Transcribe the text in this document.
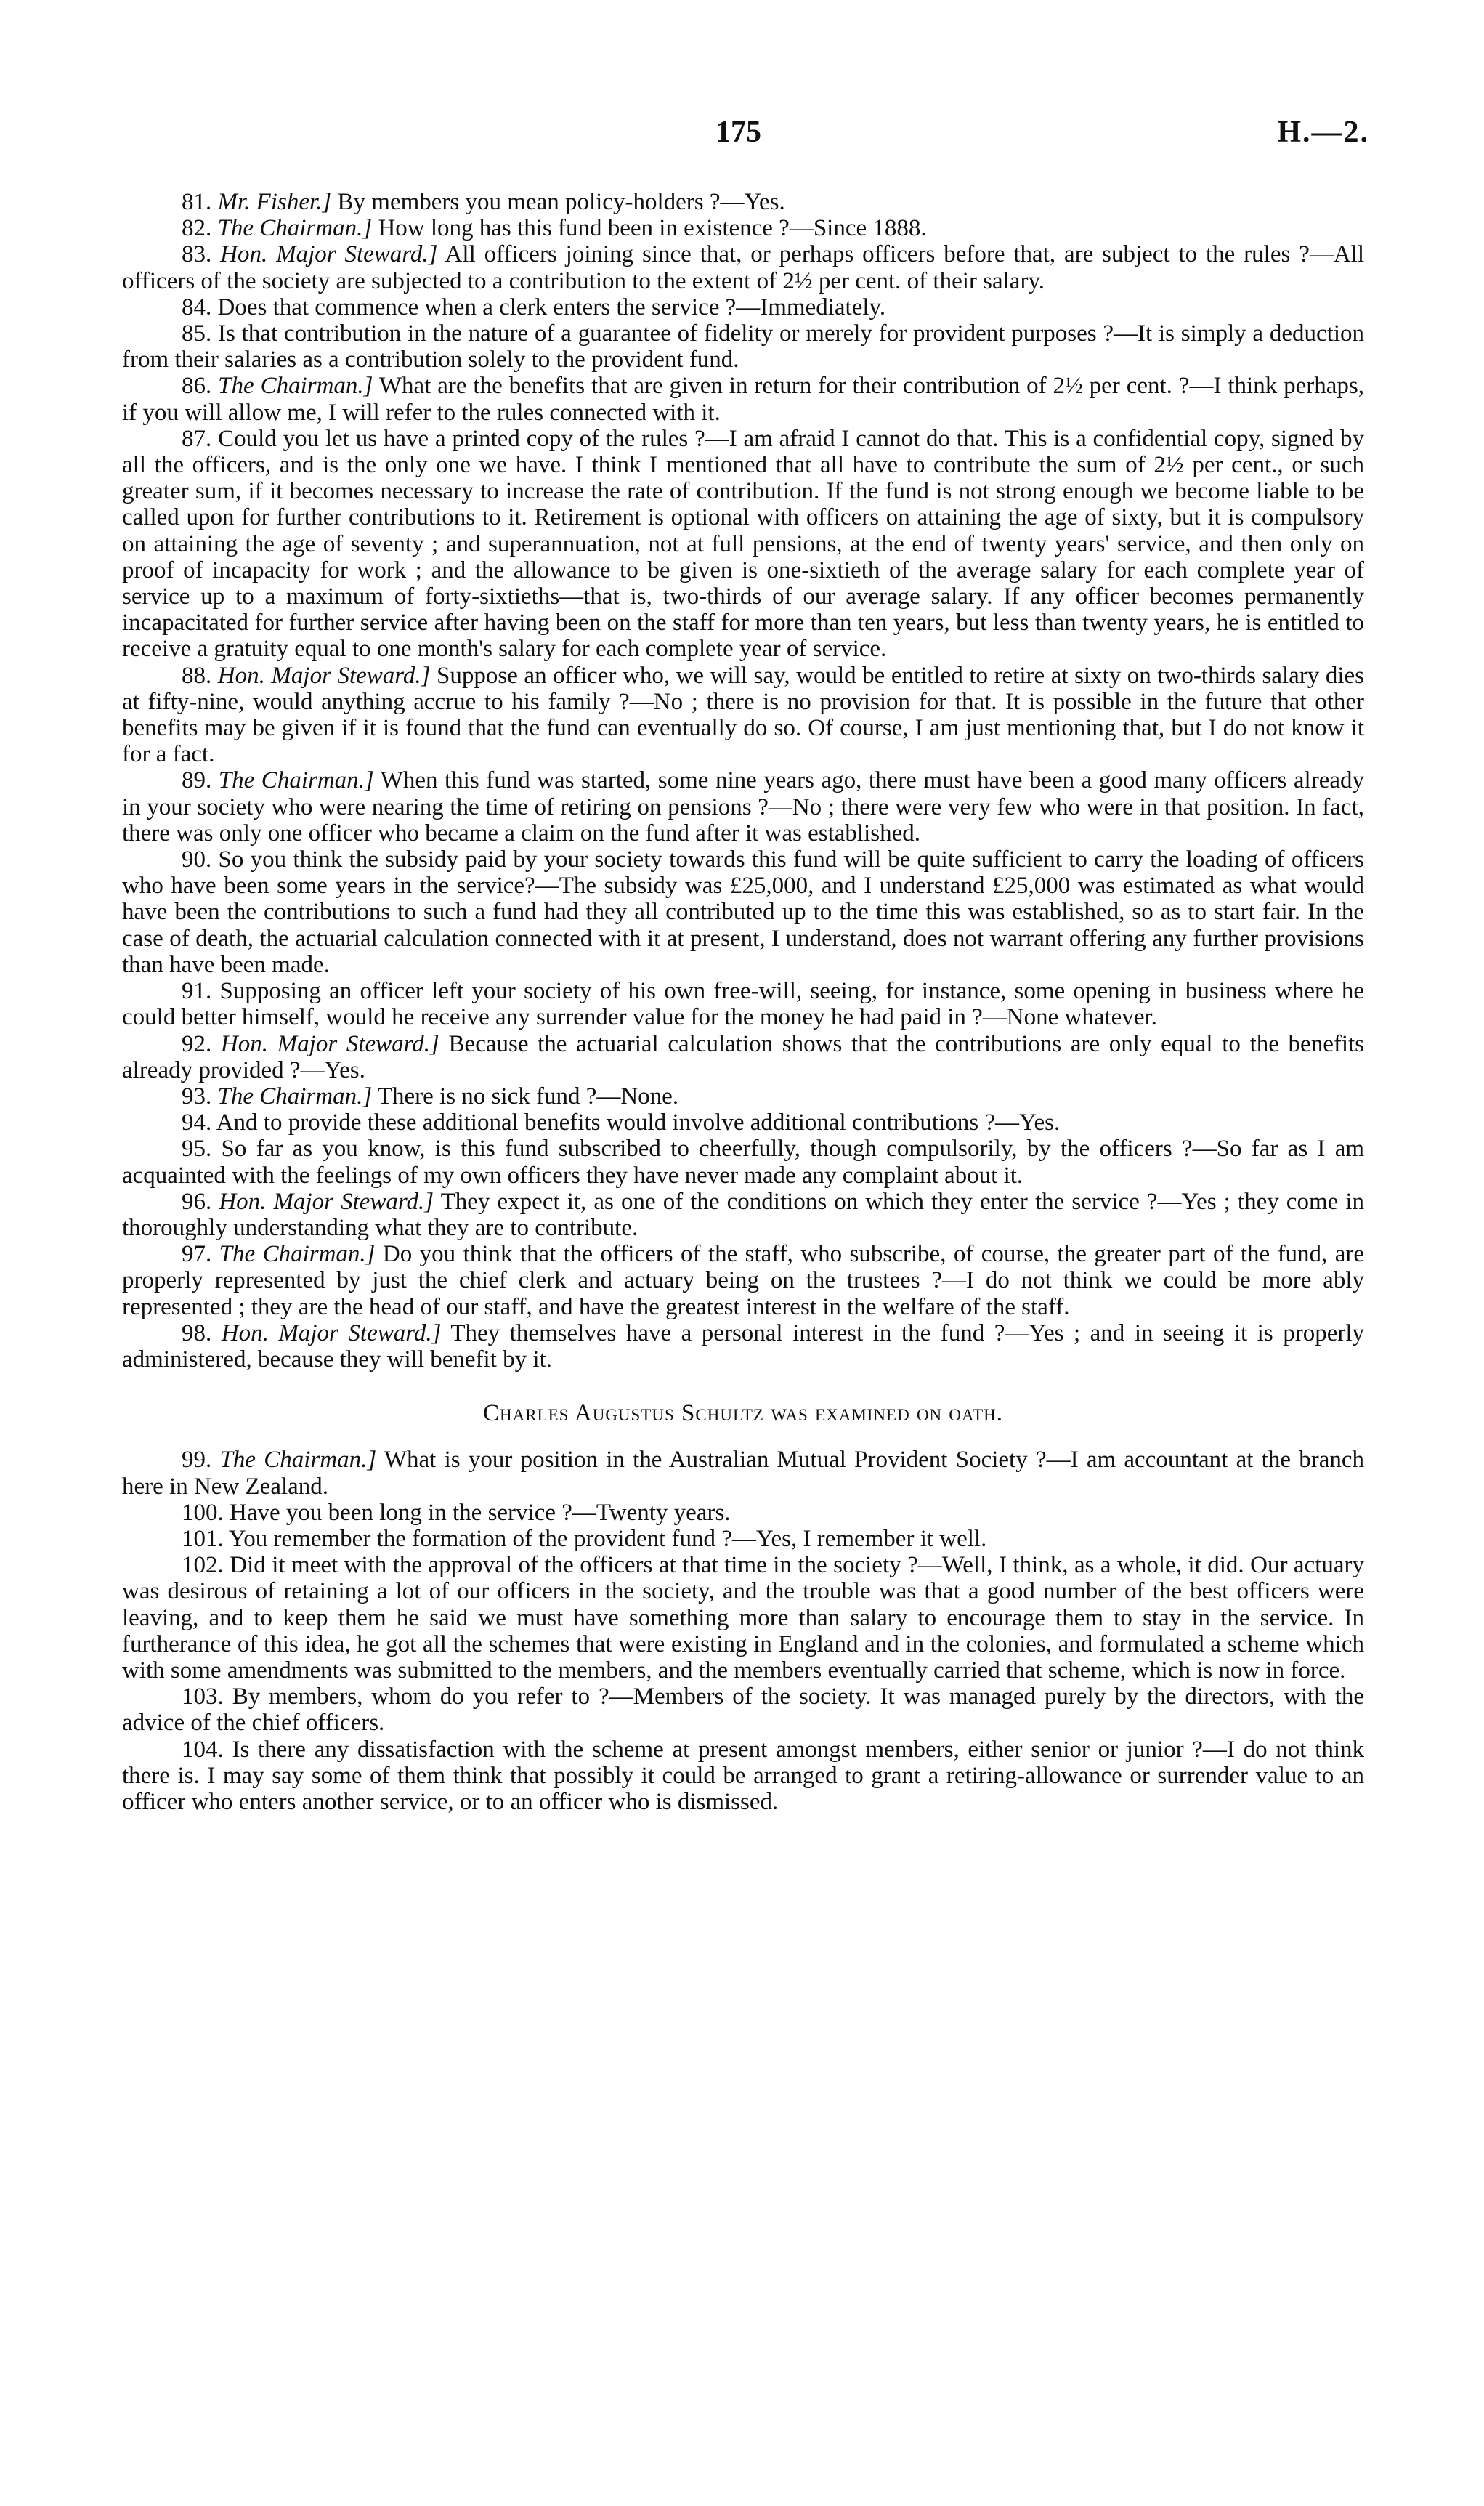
175	H.—2.

81. Mr. Fisher.] By members you mean policy-holders ?—Yes.

82. The Chairman.] How long has this fund been in existence ?—Since 1888.

83. Hon. Major Steward.] All officers joining since that, or perhaps officers before that, are subject to the rules ?—All officers of the society are subjected to a contribution to the extent of 2½ per cent. of their salary.

84. Does that commence when a clerk enters the service ?—Immediately.

85. Is that contribution in the nature of a guarantee of fidelity or merely for provident purposes ?—It is simply a deduction from their salaries as a contribution solely to the provident fund.

86. The Chairman.] What are the benefits that are given in return for their contribution of 2½ per cent. ?—I think perhaps, if you will allow me, I will refer to the rules connected with it.

87. Could you let us have a printed copy of the rules ?—I am afraid I cannot do that. This is a confidential copy, signed by all the officers, and is the only one we have. I think I mentioned that all have to contribute the sum of 2½ per cent., or such greater sum, if it becomes necessary to increase the rate of contribution. If the fund is not strong enough we become liable to be called upon for further contributions to it. Retirement is optional with officers on attaining the age of sixty, but it is compulsory on attaining the age of seventy ; and superannuation, not at full pensions, at the end of twenty years' service, and then only on proof of incapacity for work ; and the allowance to be given is one-sixtieth of the average salary for each complete year of service up to a maximum of forty-sixtieths—that is, two-thirds of our average salary. If any officer becomes permanently incapacitated for further service after having been on the staff for more than ten years, but less than twenty years, he is entitled to receive a gratuity equal to one month's salary for each complete year of service.

88. Hon. Major Steward.] Suppose an officer who, we will say, would be entitled to retire at sixty on two-thirds salary dies at fifty-nine, would anything accrue to his family ?—No ; there is no provision for that. It is possible in the future that other benefits may be given if it is found that the fund can eventually do so. Of course, I am just mentioning that, but I do not know it for a fact.

89. The Chairman.] When this fund was started, some nine years ago, there must have been a good many officers already in your society who were nearing the time of retiring on pensions ?—No ; there were very few who were in that position. In fact, there was only one officer who became a claim on the fund after it was established.

90. So you think the subsidy paid by your society towards this fund will be quite sufficient to carry the loading of officers who have been some years in the service?—The subsidy was £25,000, and I understand £25,000 was estimated as what would have been the contributions to such a fund had they all contributed up to the time this was established, so as to start fair. In the case of death, the actuarial calculation connected with it at present, I understand, does not warrant offering any further provisions than have been made.

91. Supposing an officer left your society of his own free-will, seeing, for instance, some opening in business where he could better himself, would he receive any surrender value for the money he had paid in ?—None whatever.

92. Hon. Major Steward.] Because the actuarial calculation shows that the contributions are only equal to the benefits already provided ?—Yes.

93. The Chairman.] There is no sick fund ?—None.

94. And to provide these additional benefits would involve additional contributions ?—Yes.

95. So far as you know, is this fund subscribed to cheerfully, though compulsorily, by the officers ?—So far as I am acquainted with the feelings of my own officers they have never made any complaint about it.

96. Hon. Major Steward.] They expect it, as one of the conditions on which they enter the service ?—Yes ; they come in thoroughly understanding what they are to contribute.

97. The Chairman.] Do you think that the officers of the staff, who subscribe, of course, the greater part of the fund, are properly represented by just the chief clerk and actuary being on the trustees ?—I do not think we could be more ably represented ; they are the head of our staff, and have the greatest interest in the welfare of the staff.

98. Hon. Major Steward.] They themselves have a personal interest in the fund ?—Yes ; and in seeing it is properly administered, because they will benefit by it.

Charles Augustus Schultz was examined on oath.

99. The Chairman.] What is your position in the Australian Mutual Provident Society ?—I am accountant at the branch here in New Zealand.

100. Have you been long in the service ?—Twenty years.

101. You remember the formation of the provident fund ?—Yes, I remember it well.

102. Did it meet with the approval of the officers at that time in the society ?—Well, I think, as a whole, it did. Our actuary was desirous of retaining a lot of our officers in the society, and the trouble was that a good number of the best officers were leaving, and to keep them he said we must have something more than salary to encourage them to stay in the service. In furtherance of this idea, he got all the schemes that were existing in England and in the colonies, and formulated a scheme which with some amendments was submitted to the members, and the members eventually carried that scheme, which is now in force.

103. By members, whom do you refer to ?—Members of the society. It was managed purely by the directors, with the advice of the chief officers.

104. Is there any dissatisfaction with the scheme at present amongst members, either senior or junior ?—I do not think there is. I may say some of them think that possibly it could be arranged to grant a retiring-allowance or surrender value to an officer who enters another service, or to an officer who is dismissed.
